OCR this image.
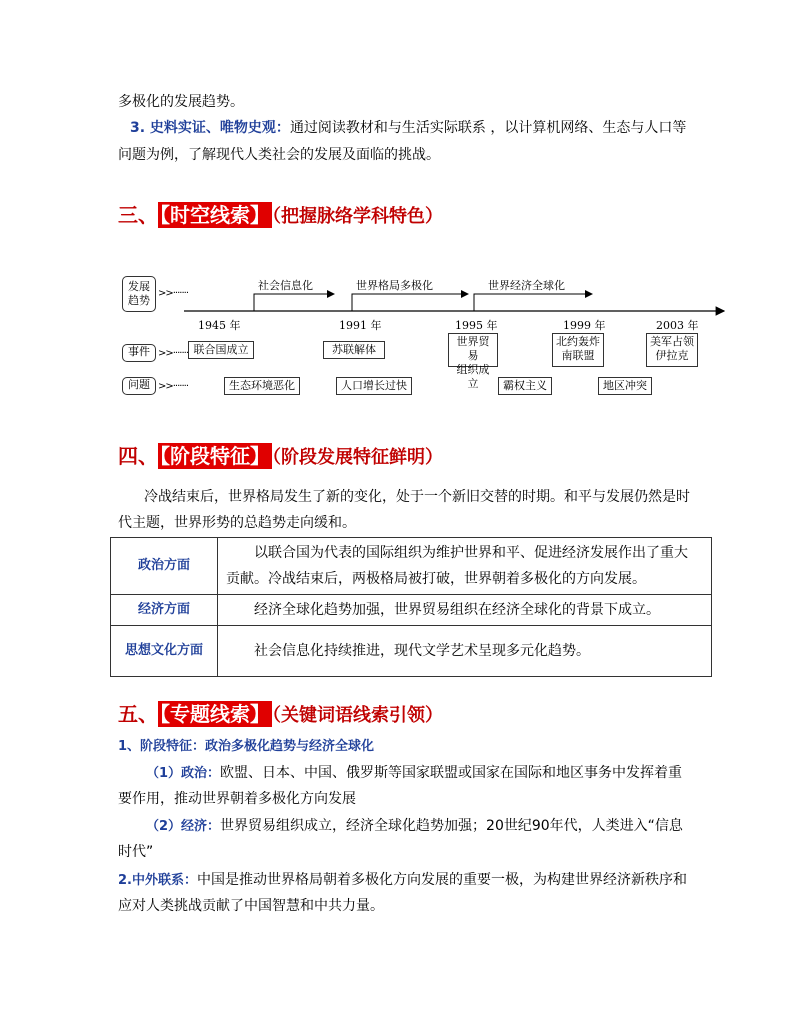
多极化的发展趋势。
3. 史料实证、唯物史观：通过阅读教材和与生活实际联系 ，以计算机网络、生态与人口等
问题为例，了解现代人类社会的发展及面临的挑战。
三、 【时空线索】 （把握脉络学科特色）
发展
趋势
>>·······
事件 >>·······
问题 >>·······
社会信息化	世界格局多极化	世界经济全球化
1945 年	1991 年	1995 年	1999 年	2003 年
联合国成立	苏联解体
世界贸易
组织成立
北约轰炸
南联盟
美军占领
伊拉克
生态环境恶化	人口增长过快	霸权主义	地区冲突
四、 【阶段特征】 （阶段发展特征鲜明）
冷战结束后，世界格局发生了新的变化，处于一个新旧交替的时期。和平与发展仍然是时
代主题，世界形势的总趋势走向缓和。
政治方面	以联合国为代表的国际组织为维护世界和平、促进经济发展作出了重大贡献。冷战结束后，两极格局被打破，世界朝着多极化的方向发展。
经济方面	经济全球化趋势加强，世界贸易组织在经济全球化的背景下成立。
思想文化方面	社会信息化持续推进，现代文学艺术呈现多元化趋势。
五、 【专题线索】 （关键词语线索引领）
1、阶段特征：政治多极化趋势与经济全球化
（1）政治：欧盟、日本、中国、俄罗斯等国家联盟或国家在国际和地区事务中发挥着重
要作用，推动世界朝着多极化方向发展
（2）经济：世界贸易组织成立，经济全球化趋势加强；20世纪90年代，人类进入“信息
时代”
2.中外联系：中国是推动世界格局朝着多极化方向发展的重要一极，为构建世界经济新秩序和
应对人类挑战贡献了中国智慧和中共力量。
